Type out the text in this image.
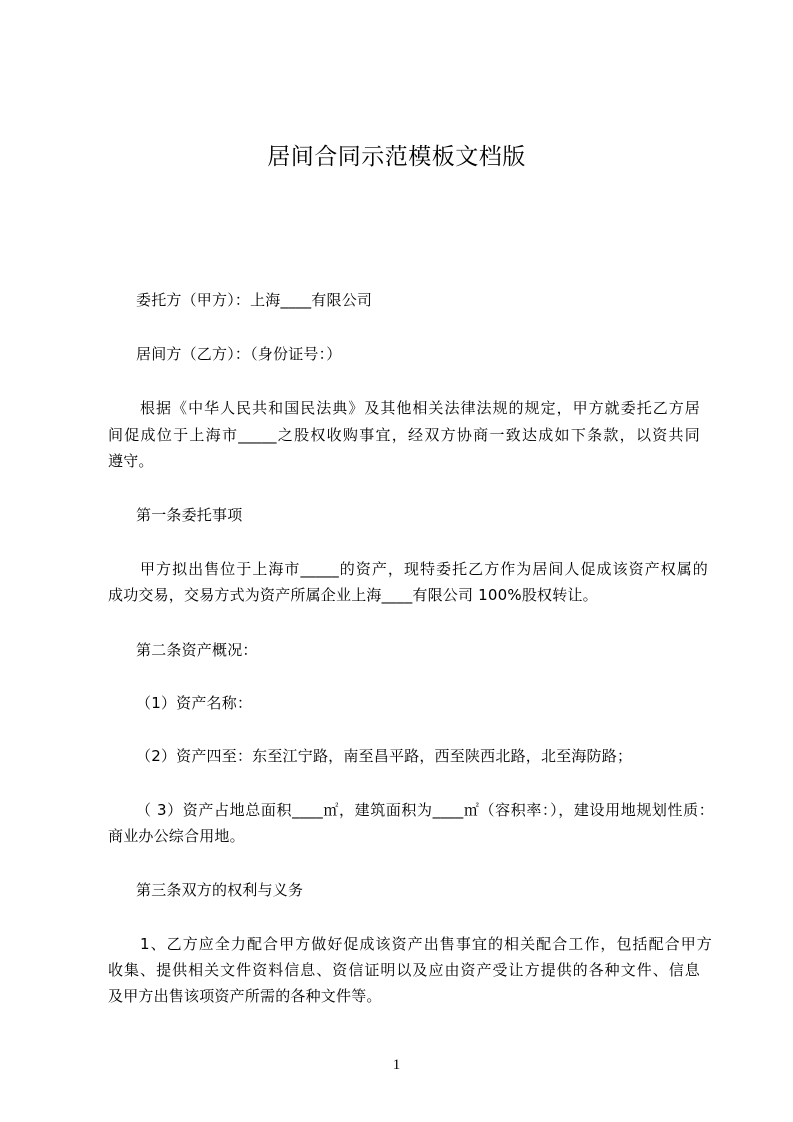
居间合同示范模板文档版
委托方（甲方）：上海____有限公司
居间方（乙方）：（身份证号：）
根据《中华人民共和国民法典》及其他相关法律法规的规定，甲方就委托乙方居
间促成位于上海市_____之股权收购事宜，经双方协商一致达成如下条款，以资共同
遵守。
第一条委托事项
甲方拟出售位于上海市_____的资产，现特委托乙方作为居间人促成该资产权属的
成功交易，交易方式为资产所属企业上海____有限公司 100%股权转让。
第二条资产概况：
（1）资产名称：
（2）资产四至：东至江宁路，南至昌平路，西至陕西北路，北至海防路；
（ 3）资产占地总面积____㎡，建筑面积为____㎡（容积率：），建设用地规划性质：
商业办公综合用地。
第三条双方的权利与义务
1、乙方应全力配合甲方做好促成该资产出售事宜的相关配合工作，包括配合甲方
收集、提供相关文件资料信息、资信证明以及应由资产受让方提供的各种文件、信息
及甲方出售该项资产所需的各种文件等。
1
